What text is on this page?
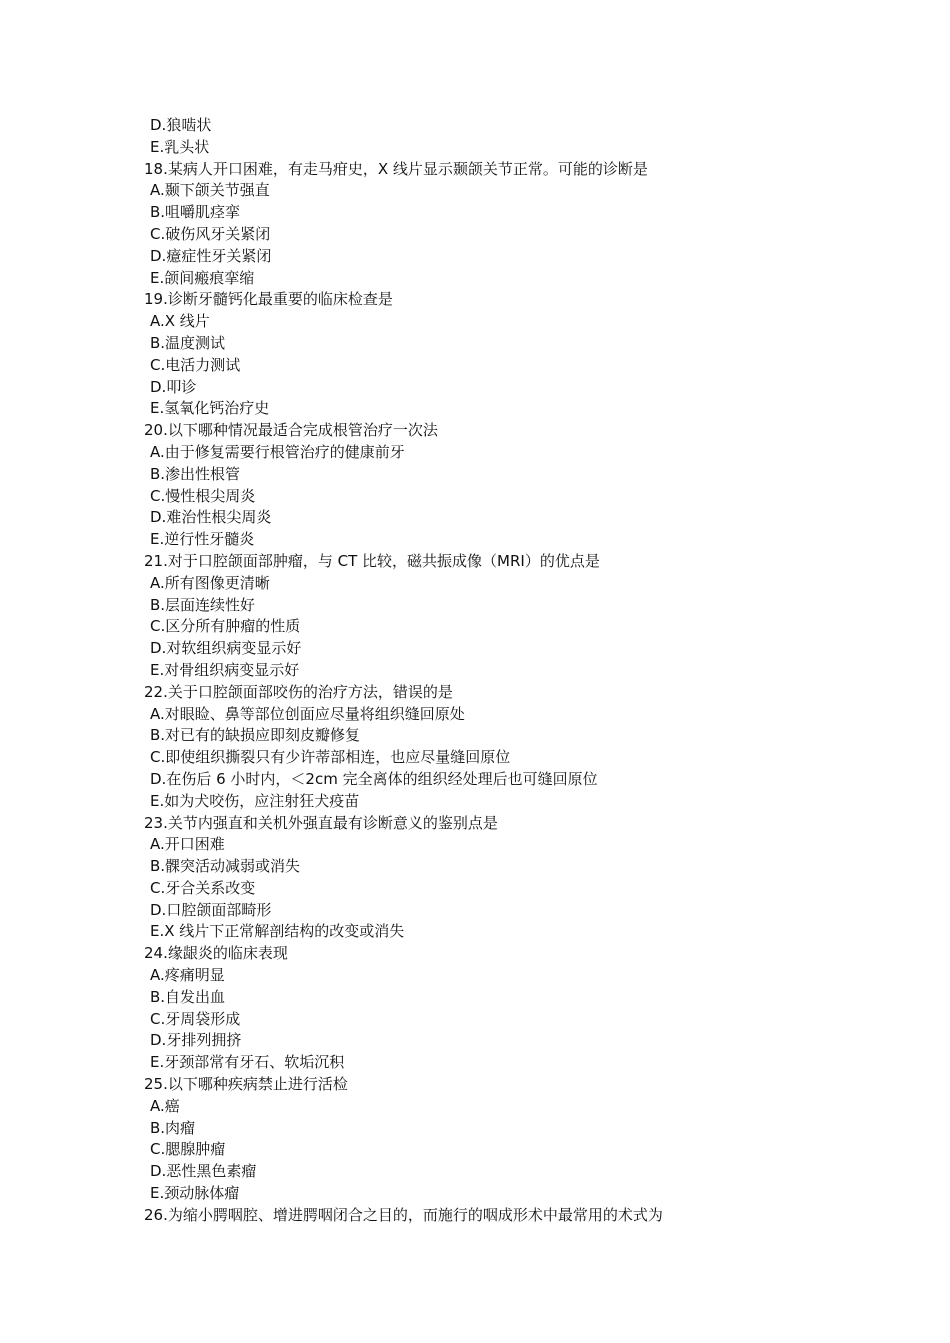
D.狼啮状
E.乳头状
18.某病人开口困难，有走马疳史，X 线片显示颞颌关节正常。可能的诊断是
A.颞下颌关节强直
B.咀嚼肌痉挛
C.破伤风牙关紧闭
D.癔症性牙关紧闭
E.颌间瘢痕挛缩
19.诊断牙髓钙化最重要的临床检查是
A.X 线片
B.温度测试
C.电活力测试
D.叩诊
E.氢氧化钙治疗史
20.以下哪种情况最适合完成根管治疗一次法
A.由于修复需要行根管治疗的健康前牙
B.渗出性根管
C.慢性根尖周炎
D.难治性根尖周炎
E.逆行性牙髓炎
21.对于口腔颌面部肿瘤，与 CT 比较，磁共振成像（MRI）的优点是
A.所有图像更清晰
B.层面连续性好
C.区分所有肿瘤的性质
D.对软组织病变显示好
E.对骨组织病变显示好
22.关于口腔颌面部咬伤的治疗方法，错误的是
A.对眼睑、鼻等部位创面应尽量将组织缝回原处
B.对已有的缺损应即刻皮瓣修复
C.即使组织撕裂只有少许蒂部相连，也应尽量缝回原位
D.在伤后 6 小时内，＜2cm 完全离体的组织经处理后也可缝回原位
E.如为犬咬伤，应注射狂犬疫苗
23.关节内强直和关机外强直最有诊断意义的鉴别点是
A.开口困难
B.髁突活动减弱或消失
C.牙合关系改变
D.口腔颌面部畸形
E.X 线片下正常解剖结构的改变或消失
24.缘龈炎的临床表现
A.疼痛明显
B.自发出血
C.牙周袋形成
D.牙排列拥挤
E.牙颈部常有牙石、软垢沉积
25.以下哪种疾病禁止进行活检
A.癌
B.肉瘤
C.腮腺肿瘤
D.恶性黑色素瘤
E.颈动脉体瘤
26.为缩小腭咽腔、增进腭咽闭合之目的，而施行的咽成形术中最常用的术式为
